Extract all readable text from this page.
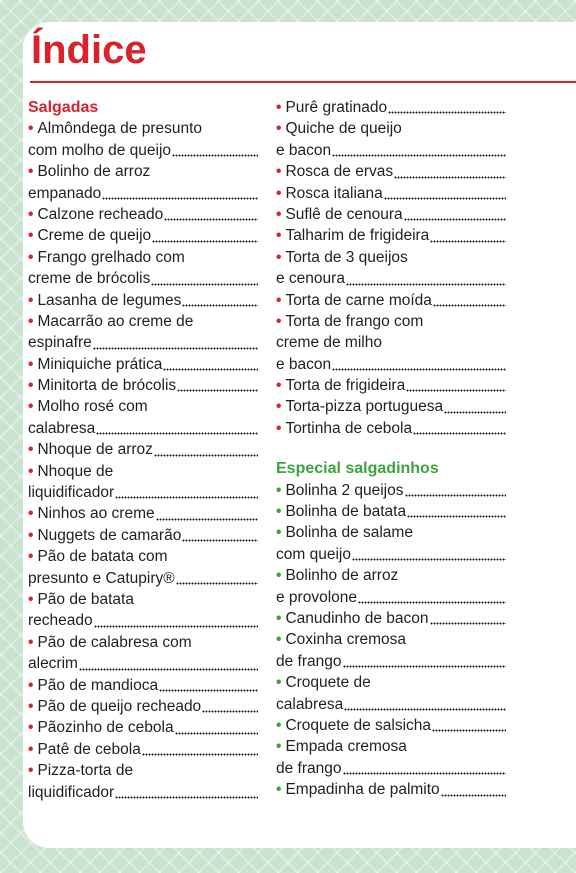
Índice
Salgadas
• Almôndega de presunto
com molho de queijo
• Bolinho de arroz
empanado
• Calzone recheado
• Creme de queijo
• Frango grelhado com
creme de brócolis
• Lasanha de legumes
• Macarrão ao creme de
espinafre
• Miniquiche prática
• Minitorta de brócolis
• Molho rosé com
calabresa
• Nhoque de arroz
• Nhoque de
liquidificador
• Ninhos ao creme
• Nuggets de camarão
• Pão de batata com
presunto e Catupiry®
• Pão de batata
recheado
• Pão de calabresa com
alecrim
• Pão de mandioca
• Pão de queijo recheado
• Pãozinho de cebola
• Patê de cebola
• Pizza-torta de
liquidificador
• Purê gratinado
• Quiche de queijo
e bacon
• Rosca de ervas
• Rosca italiana
• Suflê de cenoura
• Talharim de frigideira
• Torta de 3 queijos
e cenoura
• Torta de carne moída
• Torta de frango com
creme de milho
e bacon
• Torta de frigideira
• Torta-pizza portuguesa
• Tortinha de cebola
Especial salgadinhos
• Bolinha 2 queijos
• Bolinha de batata
• Bolinha de salame
com queijo
• Bolinho de arroz
e provolone
• Canudinho de bacon
• Coxinha cremosa
de frango
• Croquete de
calabresa
• Croquete de salsicha
• Empada cremosa
de frango
• Empadinha de palmito
